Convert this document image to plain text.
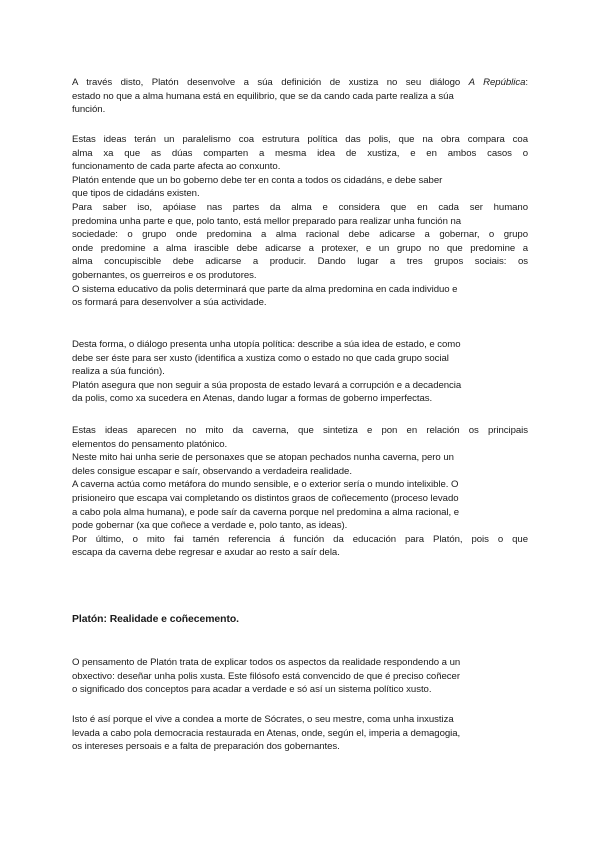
A través disto, Platón desenvolve a súa definición de xustiza no seu diálogo A República:
estado no que a alma humana está en equilibrio, que se da cando cada parte realiza a súa
función.
Estas ideas terán un paralelismo coa estrutura política das polis, que na obra compara coa
alma xa que as dúas comparten a mesma idea de xustiza, e en ambos casos o
funcionamento de cada parte afecta ao conxunto.
Platón entende que un bo goberno debe ter en conta a todos os cidadáns, e debe saber
que tipos de cidadáns existen.
Para saber iso, apóiase nas partes da alma e considera que en cada ser humano
predomina unha parte e que, polo tanto, está mellor preparado para realizar unha función na
sociedade: o grupo onde predomina a alma racional debe adicarse a gobernar, o grupo
onde predomine a alma irascible debe adicarse a protexer, e un grupo no que predomine a
alma concupiscible debe adicarse a producir. Dando lugar a tres grupos sociais: os
gobernantes, os guerreiros e os produtores.
O sistema educativo da polis determinará que parte da alma predomina en cada individuo e
os formará para desenvolver a súa actividade.
Desta forma, o diálogo presenta unha utopía política: describe a súa idea de estado, e como
debe ser éste para ser xusto (identifica a xustiza como o estado no que cada grupo social
realiza a súa función).
Platón asegura que non seguir a súa proposta de estado levará a corrupción e a decadencia
da polis, como xa sucedera en Atenas, dando lugar a formas de goberno imperfectas.
Estas ideas aparecen no mito da caverna, que sintetiza e pon en relación os principais
elementos do pensamento platónico.
Neste mito hai unha serie de personaxes que se atopan pechados nunha caverna, pero un
deles consigue escapar e saír, observando a verdadeira realidade.
A caverna actúa como metáfora do mundo sensible, e o exterior sería o mundo intelixible. O
prisioneiro que escapa vai completando os distintos graos de coñecemento (proceso levado
a cabo pola alma humana), e pode saír da caverna porque nel predomina a alma racional, e
pode gobernar (xa que coñece a verdade e, polo tanto, as ideas).
Por último, o mito fai tamén referencia á función da educación para Platón, pois o que
escapa da caverna debe regresar e axudar ao resto a saír dela.
Platón: Realidade e coñecemento.
O pensamento de Platón trata de explicar todos os aspectos da realidade respondendo a un
obxectivo: deseñar unha polis xusta. Este filósofo está convencido de que é preciso coñecer
o significado dos conceptos para acadar a verdade e só así un sistema político xusto.
Isto é así porque el vive a condea a morte de Sócrates, o seu mestre, coma unha inxustiza
levada a cabo pola democracia restaurada en Atenas, onde, según el, imperia a demagogia,
os intereses persoais e a falta de preparación dos gobernantes.
